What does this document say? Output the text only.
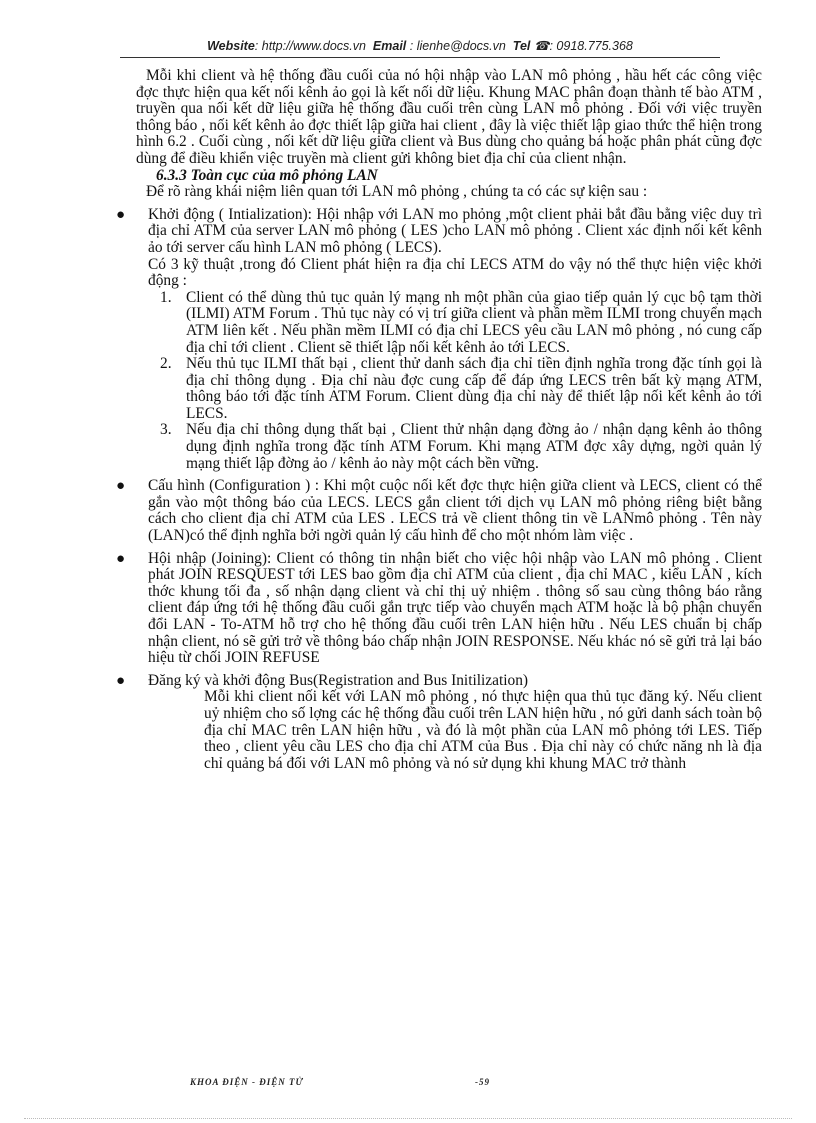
Website: http://www.docs.vn Email : lienhe@docs.vn Tel ☎: 0918.775.368

Mỗi khi client và hệ thống đầu cuối của nó hội nhập vào LAN mô phỏng , hầu hết các công việc đợc thực hiện qua kết nối kênh ảo gọi là kết nối dữ liệu. Khung MAC phân đoạn thành tế bào ATM , truyền qua nối kết dữ liệu giữa hệ thống đầu cuối trên cùng LAN mô phỏng . Đối với việc truyền thông báo , nối kết kênh ảo đợc thiết lập giữa hai client , đây là việc thiết lập giao thức thể hiện trong hình 6.2 . Cuối cùng , nối kết dữ liệu giữa client và Bus dùng cho quảng bá hoặc phân phát cũng đợc dùng để điều khiển việc truyền mà client gửi không biet địa chỉ của client nhận.

6.3.3 Toàn cục của mô phỏng LAN

Để rõ ràng khái niệm liên quan tới LAN mô phỏng , chúng ta có các sự kiện sau :

● Khởi động ( Intialization): Hội nhập với LAN mo phỏng ,một client phải bắt đầu bằng việc duy trì địa chỉ ATM của server LAN mô phỏng ( LES )cho LAN mô phỏng . Client xác định nối kết kênh ảo tới server cấu hình LAN mô phỏng ( LECS).

Có 3 kỹ thuật ,trong đó Client phát hiện ra địa chỉ LECS ATM do vậy nó thể thực hiện việc khởi động :

1. Client có thể dùng thủ tục quản lý mạng nh một phần của giao tiếp quản lý cục bộ tạm thời (ILMI) ATM Forum . Thủ tục này có vị trí giữa client và phần mềm ILMI trong chuyển mạch ATM liên kết . Nếu phần mềm ILMI có địa chỉ LECS yêu cầu LAN mô phỏng , nó cung cấp địa chỉ tới client . Client sẽ thiết lập nối kết kênh ảo tới LECS.
2. Nếu thủ tục ILMI thất bại , client thử danh sách địa chỉ tiền định nghĩa trong đặc tính gọi là địa chỉ thông dụng . Địa chỉ nàu đợc cung cấp để đáp ứng LECS trên bất kỳ mạng ATM, thông báo tới đặc tính ATM Forum. Client dùng địa chỉ này để thiết lập nối kết kênh ảo tới LECS.
3. Nếu địa chỉ thông dụng thất bại , Client thử nhận dạng đờng ảo / nhận dạng kênh ảo thông dụng định nghĩa trong đặc tính ATM Forum. Khi mạng ATM đợc xây dựng, ngời quản lý mạng thiết lập đờng ảo / kênh ảo này một cách bền vững.
● Cấu hình (Configuration ) : Khi một cuộc nối kết đợc thực hiện giữa client và LECS, client có thể gắn vào một thông báo của LECS. LECS gắn client tới dịch vụ LAN mô phỏng riêng biệt bằng cách cho client địa chỉ ATM của LES . LECS trả về client thông tin về LANmô phỏng . Tên này (LAN)có thể định nghĩa bởi ngời quản lý cấu hình để cho một nhóm làm việc .

● Hội nhập (Joining): Client có thông tin nhận biết cho việc hội nhập vào LAN mô phỏng . Client phát JOIN RESQUEST tới LES bao gồm địa chỉ ATM của client , địa chỉ MAC , kiểu LAN , kích thớc khung tối đa , số nhận dạng client và chỉ thị uỷ nhiệm . thông số sau cùng thông báo rằng client đáp ứng tới hệ thống đầu cuối gắn trực tiếp vào chuyển mạch ATM hoặc là bộ phận chuyển đổi LAN - To-ATM hỗ trợ cho hệ thống đầu cuối trên LAN hiện hữu . Nếu LES chuẩn bị chấp nhận client, nó sẽ gửi trở về thông báo chấp nhận JOIN RESPONSE. Nếu khác nó sẽ gửi trả lại báo hiệu từ chối JOIN REFUSE

● Đăng ký và khởi động Bus(Registration and Bus Initilization)

Mỗi khi client nối kết với LAN mô phỏng , nó thực hiện qua thủ tục đăng ký. Nếu client uỷ nhiệm cho số lợng các hệ thống đầu cuối trên LAN hiện hữu , nó gửi danh sách toàn bộ địa chỉ MAC trên LAN hiện hữu , và đó là một phần của LAN mô phỏng tới LES. Tiếp theo , client yêu cầu LES cho địa chỉ ATM của Bus . Địa chỉ này có chức năng nh là địa chỉ quảng bá đối với LAN mô phỏng và nó sử dụng khi khung MAC trở thành

KHOA ĐIỆN - ĐIỆN TỬ	-59
